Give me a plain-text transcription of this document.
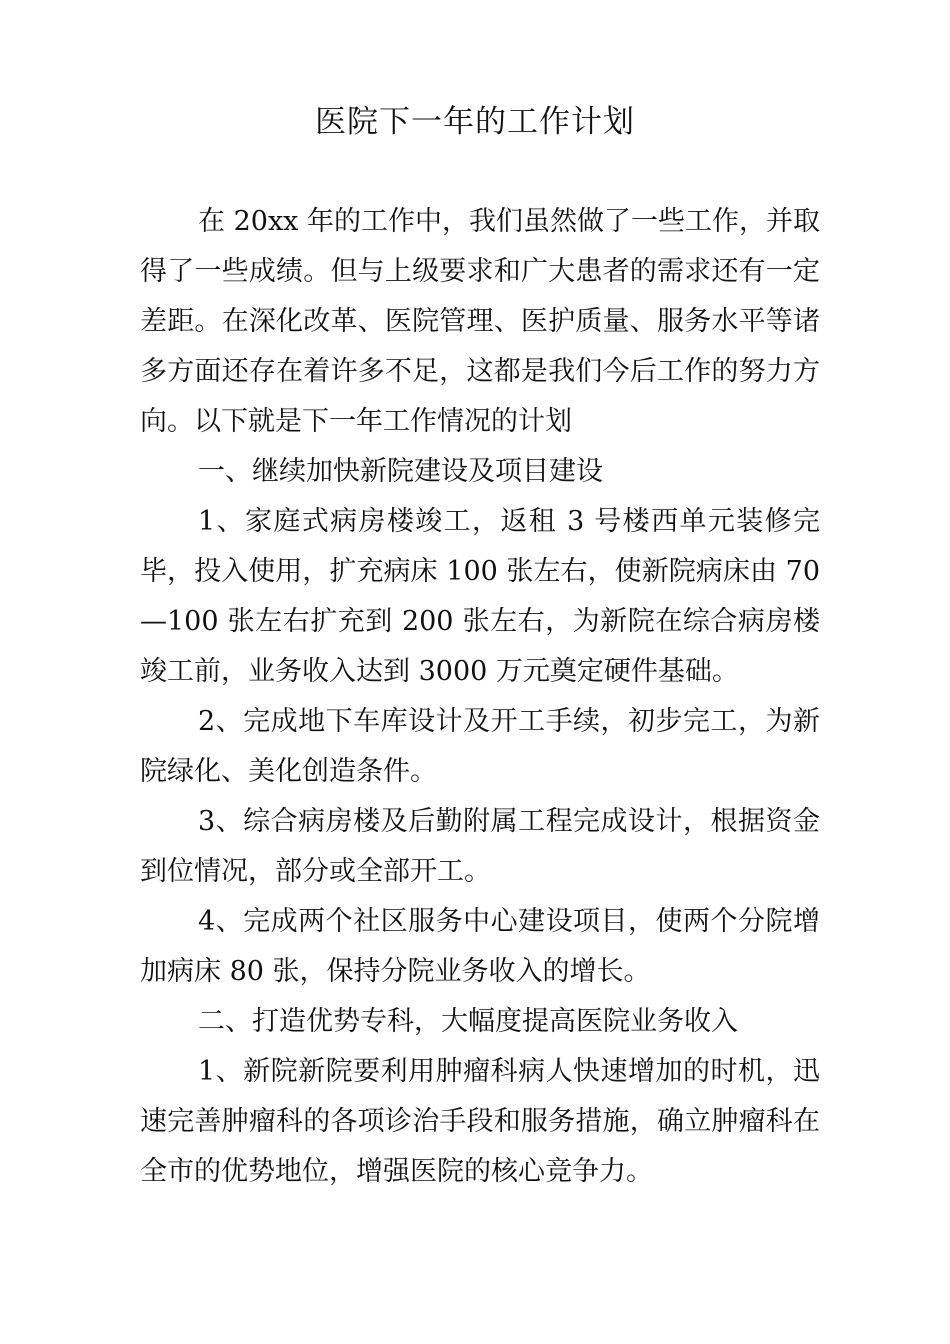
医院下一年的工作计划

在 20xx 年的工作中，我们虽然做了一些工作，并取得了一些成绩。但与上级要求和广大患者的需求还有一定差距。在深化改革、医院管理、医护质量、服务水平等诸多方面还存在着许多不足，这都是我们今后工作的努力方向。以下就是下一年工作情况的计划

一、继续加快新院建设及项目建设

1、家庭式病房楼竣工，返租 3 号楼西单元装修完毕，投入使用，扩充病床 100 张左右，使新院病床由 70—100 张左右扩充到 200 张左右，为新院在综合病房楼竣工前，业务收入达到 3000 万元奠定硬件基础。

2、完成地下车库设计及开工手续，初步完工，为新院绿化、美化创造条件。

3、综合病房楼及后勤附属工程完成设计，根据资金到位情况，部分或全部开工。

4、完成两个社区服务中心建设项目，使两个分院增加病床 80 张，保持分院业务收入的增长。

二、打造优势专科，大幅度提高医院业务收入

1、新院新院要利用肿瘤科病人快速增加的时机，迅速完善肿瘤科的各项诊治手段和服务措施，确立肿瘤科在全市的优势地位，增强医院的核心竞争力。
